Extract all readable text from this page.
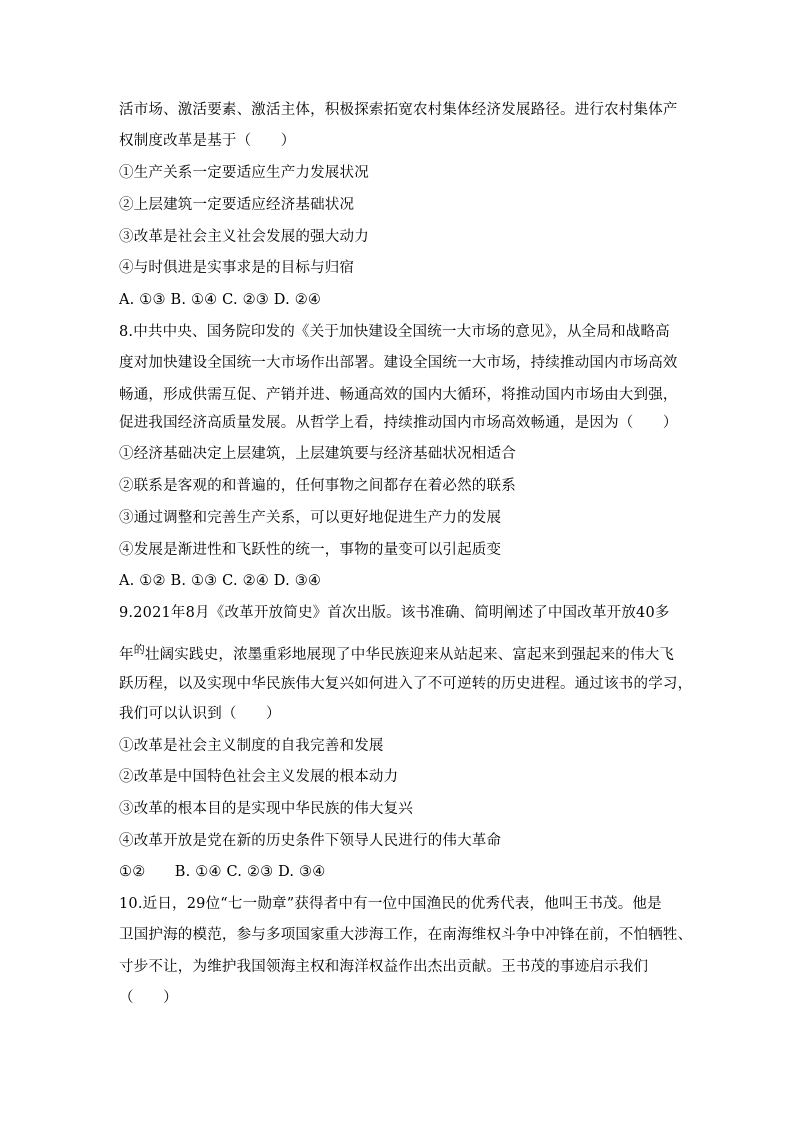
活市场、激活要素、激活主体，积极探索拓宽农村集体经济发展路径。进行农村集体产
权制度改革是基于（　　）
①生产关系一定要适应生产力发展状况
②上层建筑一定要适应经济基础状况
③改革是社会主义社会发展的强大动力
④与时俱进是实事求是的目标与归宿
A. ①③ B. ①④ C. ②③ D. ②④
8.中共中央、国务院印发的《关于加快建设全国统一大市场的意见》，从全局和战略高
度对加快建设全国统一大市场作出部署。建设全国统一大市场，持续推动国内市场高效
畅通，形成供需互促、产销并进、畅通高效的国内大循环，将推动国内市场由大到强，
促进我国经济高质量发展。从哲学上看，持续推动国内市场高效畅通，是因为（　　）
①经济基础决定上层建筑，上层建筑要与经济基础状况相适合
②联系是客观的和普遍的，任何事物之间都存在着必然的联系
③通过调整和完善生产关系，可以更好地促进生产力的发展
④发展是渐进性和飞跃性的统一，事物的量变可以引起质变
A. ①② B. ①③ C. ②④ D. ③④
9.2021年8月《改革开放简史》首次出版。该书准确、简明阐述了中国改革开放40多
年$^的$壮阔实践史，浓墨重彩地展现了中华民族迎来从站起来、富起来到强起来的伟大飞
跃历程，以及实现中华民族伟大复兴如何进入了不可逆转的历史进程。通过该书的学习，
我们可以认识到（　　）
①改革是社会主义制度的自我完善和发展
②改革是中国特色社会主义发展的根本动力
③改革的根本目的是实现中华民族的伟大复兴
④改革开放是党在新的历史条件下领导人民进行的伟大革命
①②　　B. ①④ C. ②③ D. ③④
10.近日，29位“七一勋章”获得者中有一位中国渔民的优秀代表，他叫王书茂。他是
卫国护海的模范，参与多项国家重大涉海工作，在南海维权斗争中冲锋在前，不怕牺牲、
寸步不让，为维护我国领海主权和海洋权益作出杰出贡献。王书茂的事迹启示我们
（　　）
